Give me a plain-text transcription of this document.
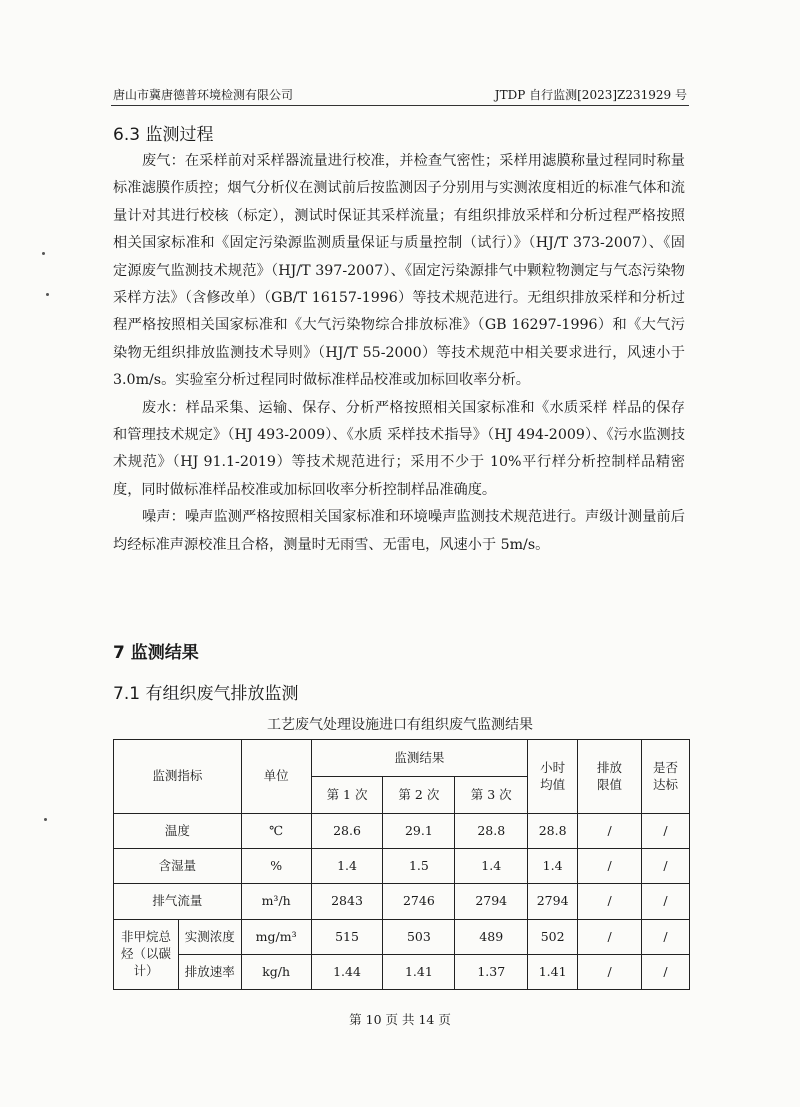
唐山市冀唐德普环境检测有限公司	JTDP 自行监测[2023]Z231929 号
6.3 监测过程

废气：在采样前对采样器流量进行校准，并检查气密性；采样用滤膜称量过程同时称量标准滤膜作质控；烟气分析仪在测试前后按监测因子分别用与实测浓度相近的标准气体和流量计对其进行校核（标定），测试时保证其采样流量；有组织排放采样和分析过程严格按照相关国家标准和《固定污染源监测质量保证与质量控制（试行）》（HJ/T 373-2007）、《固定源废气监测技术规范》（HJ/T 397-2007）、《固定污染源排气中颗粒物测定与气态污染物采样方法》（含修改单）（GB/T 16157-1996）等技术规范进行。无组织排放采样和分析过程严格按照相关国家标准和《大气污染物综合排放标准》（GB 16297-1996）和《大气污染物无组织排放监测技术导则》（HJ/T 55-2000）等技术规范中相关要求进行，风速小于 3.0m/s。实验室分析过程同时做标准样品校准或加标回收率分析。

废水：样品采集、运输、保存、分析严格按照相关国家标准和《水质采样 样品的保存和管理技术规定》（HJ 493-2009）、《水质 采样技术指导》（HJ 494-2009）、《污水监测技术规范》（HJ 91.1-2019）等技术规范进行；采用不少于 10%平行样分析控制样品精密度，同时做标准样品校准或加标回收率分析控制样品准确度。

噪声：噪声监测严格按照相关国家标准和环境噪声监测技术规范进行。声级计测量前后均经标准声源校准且合格，测量时无雨雪、无雷电，风速小于 5m/s。

7 监测结果
7.1 有组织废气排放监测
工艺废气处理设施进口有组织废气监测结果
监测指标		单位	监测结果			小时均值	排放限值	是否达标
			第 1 次	第 2 次	第 3 次			
温度		℃	28.6	29.1	28.8	28.8	/	/
含湿量		%	1.4	1.5	1.4	1.4	/	/
排气流量		m³/h	2843	2746	2794	2794	/	/
非甲烷总烃（以碳计）	实测浓度	mg/m³	515	503	489	502	/	/
	排放速率	kg/h	1.44	1.41	1.37	1.41	/	/
第 10 页 共 14 页
